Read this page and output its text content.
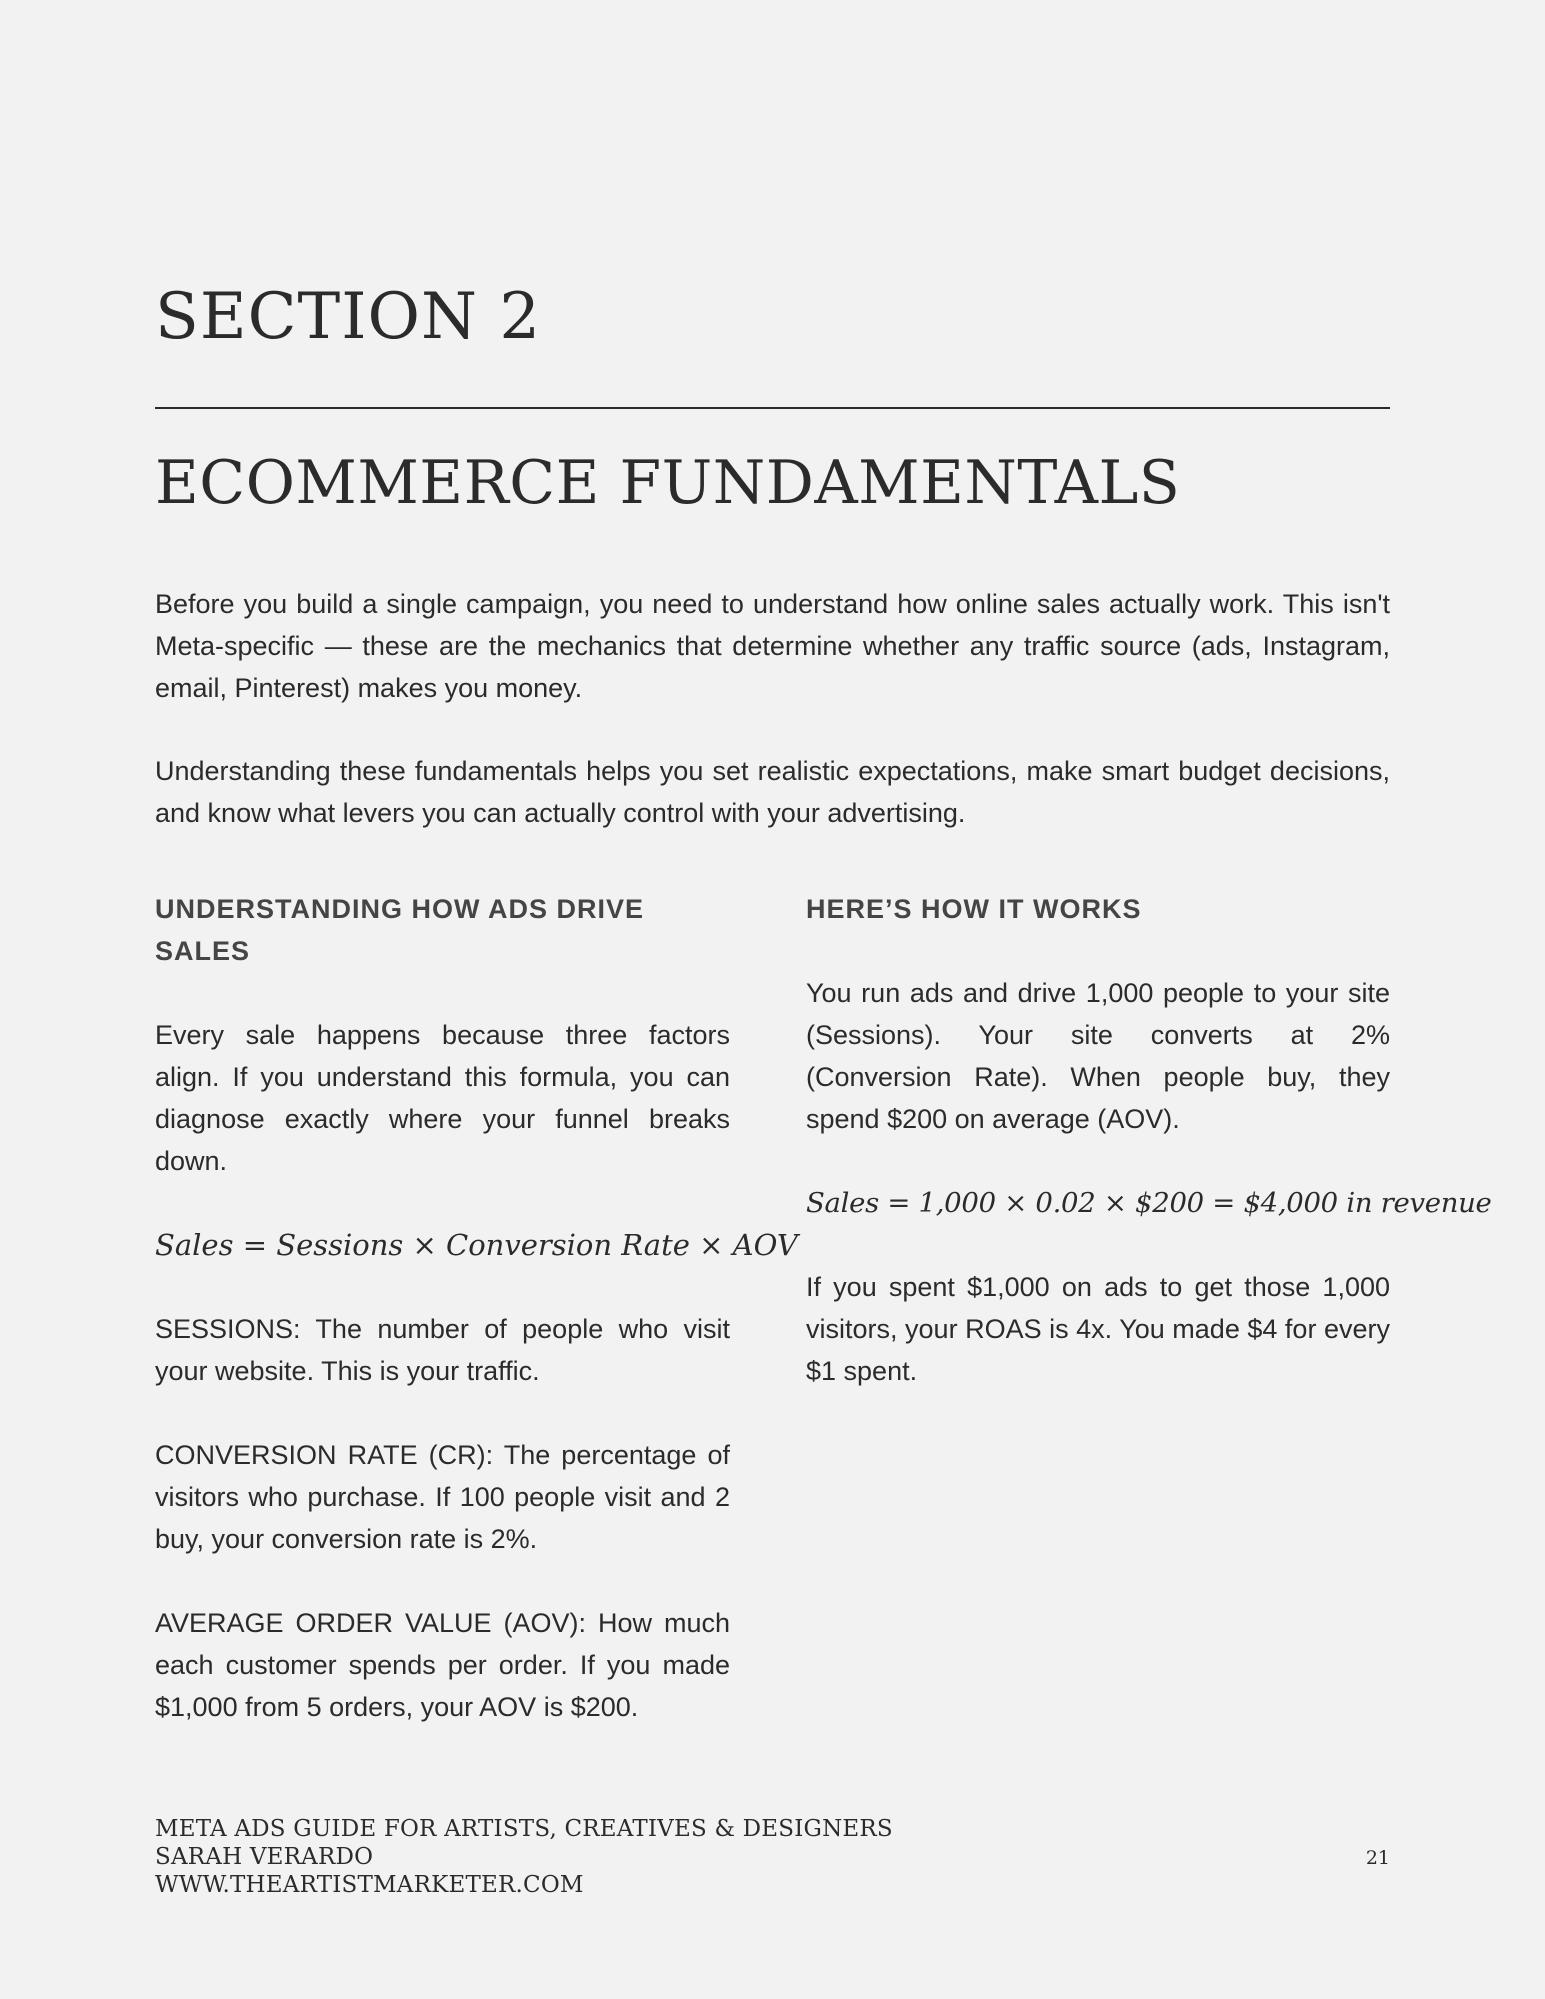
SECTION 2
ECOMMERCE FUNDAMENTALS

Before you build a single campaign, you need to understand how online sales actually work. This isn't Meta-specific — these are the mechanics that determine whether any traffic source (ads, Instagram, email, Pinterest) makes you money.

Understanding these fundamentals helps you set realistic expectations, make smart budget decisions, and know what levers you can actually control with your advertising.

UNDERSTANDING HOW ADS DRIVE SALES

Every sale happens because three factors align. If you understand this formula, you can diagnose exactly where your funnel breaks down.

Sales = Sessions × Conversion Rate × AOV

SESSIONS: The number of people who visit your website. This is your traffic.

CONVERSION RATE (CR): The percentage of visitors who purchase. If 100 people visit and 2 buy, your conversion rate is 2%.

AVERAGE ORDER VALUE (AOV): How much each customer spends per order. If you made $1,000 from 5 orders, your AOV is $200.

HERE’S HOW IT WORKS

You run ads and drive 1,000 people to your site (Sessions). Your site converts at 2% (Conversion Rate). When people buy, they spend $200 on average (AOV).

Sales = 1,000 × 0.02 × $200 = $4,000 in revenue

If you spent $1,000 on ads to get those 1,000 visitors, your ROAS is 4x. You made $4 for every $1 spent.

META ADS GUIDE FOR ARTISTS, CREATIVES & DESIGNERS
SARAH VERARDO
WWW.THEARTISTMARKETER.COM
21
